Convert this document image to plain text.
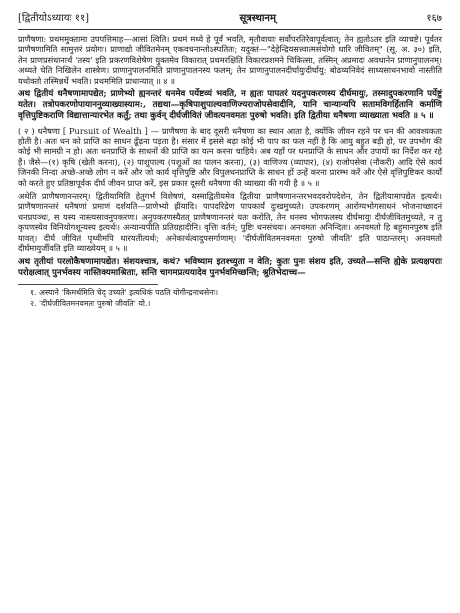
[द्वितीयोऽध्यायः ११]	सूत्रस्थानम्	१६७

प्राणैषणा: प्रथममुक्तामा उपपत्तिमाह—आसां त्विति। प्रथमं मध्ये हे पूर्वं भवति, मृतौवायाः सर्वोपरतिरेवापूर्वत्वात्; तेन ह्यतोऽतर इति व्याचष्टे। पूर्वतर प्राणैषणामिति सामुत्तरं प्रयोगः। प्राणाद्यो जीवितमेनम् एकवचनान्तोऽस्पतितः; यदुक्तं—"देहेन्द्रियसत्त्वात्मसंयोगो धारि जीवितम्" (सू. अ. ३०) इति, तेन प्राणप्रसंधानार्थं 'तस्य' इति प्रकरणविशेषेण युक्तमेव विकारात् प्रथमरक्षिति विकारप्रशमने चिकित्सा, तस्मिन् अप्रमादः अवधानेन प्राणानुपालनम्। अथ्यते चेति निखिलेन शास्त्रेण। प्राणानुपालनमिति प्राणानुपालनस्य फलम्; तेन प्राणानुपालनदीर्घायुःदीर्घायु: बोढव्यनिवेदं साध्यसाधनभावो नास्तीति यथोक्तो तस्मिन्नर्थे भवति। प्रथममिति प्राधान्यात् ॥ ४ ॥

अथ द्वितीयं धनैषणामापद्येत; प्राणेभ्यो ह्यनन्तरं धनमेव पर्येष्टव्यं भवति, न ह्यतः पापतरं यदनुपकरणस्य दीर्घमायुः, तस्मादुपकरणानि पर्येष्टुं यतेत। तत्रोपकरणोपायाननुव्याख्यास्याम:, तद्यथा—कृषिपाशुपाल्यवाणिज्यराजोपसेवादीनि, यानि चान्यान्यपि सतामविगर्हितानि कर्माणि वृत्तिपुष्टिकराणि विद्यात्तान्यारभेत कर्तुं; तथा कुर्वन् दीर्घजीवितं जीवत्यनवमतः पुरुषो भवति। इति द्वितीया धनैषणा व्याख्याता भवति ॥ ५ ॥

( २ ) धनैषणा [ Pursuit of Wealth ] — प्राणैषणा के बाद दूसरी धनैषणा का स्थान आता है, क्योंकि जीवन रहने पर धन की आवश्यकता होती है। अतः धन को प्राप्ति का साधन ढूँढ़ना पड़ता है। संसार में इससे बढ़ा कोई भी पाप का फल नहीं है कि आयु बहुत बड़ी हो, पर उपभोग की कोई भी सामग्री न हो। अतः धनप्राप्ति के साधनों की प्राप्ति का यत्न करना चाहिये। अब यहाँ पर धनप्राप्ति के साधन और उपायों का निर्देश कर रहे हैं। जैसे—(१) कृषि (खेती करना), (२) पाशुपाल्य (पशुओं का पालन करना), (३) वाणिज्य (व्यापार), (४) राजोपसेवा (नौकरी) आदि ऐसे कार्य जिनकी निन्दा अच्छे-अच्छे लोग न करें और जो कार्य वृत्तिपुष्टि और विपुलधनप्राप्ति के साधन हों उन्हें करना प्रारम्भ करें और ऐसे वृत्तिपुष्टिकर कार्यों को करते हुए प्रतिष्ठापूर्वक दीर्घ जीवन प्राप्त करें, इस प्रकार दूसरी धनैषणा की व्याख्या की गयी है ॥ ५ ॥

अथेति प्राणैषणानन्तरम्। द्वितीयामिति हेतुगर्भं विशेषणं, यस्माद्वितीयमेव द्वितीया प्राणैषणानन्तरभवदवरोपदेशेन, तेन द्वितीयामापद्येत इत्यर्थः। प्राणैषणानन्तरं धनैषणां प्रमाणं दर्शयति—प्राणेभ्यो ह्रीयादि। पापदरिद्रेण पापकार्यं दुःखमुच्यते। उपकरणम् आरोग्यभोगसाधनं भोजनाच्छादनं धनप्रपञ्चः, स यस्य नास्त्यसावनुपकरणः। अनुपकरणस्यैतत् प्राणैषणानन्तरं यतः करोति, तेन धनस्य भोगफलस्य दीर्घमायुः दीर्घजीवितमुच्यते, न तु कृपणस्येव विनियोगशून्यस्य इत्यर्थः। अन्यान्यपीति प्रतिग्रहादीनि। वृत्तिः वर्तनं; पुष्टिः धनसंचयः। अनवमतः अनिन्दितः। अनवमतो हि बहुमानपुरुष इति यावत्। दीर्घ जीवितं पृथ्वीमपि धारयतीत्यर्थः; अनेकार्थत्वादुपसर्गाणाम्। 'दीर्घजीवितमनवमतः पुरुषो जीवति' इति पाठान्तरम्। अनवमतो दीर्घमायुर्जीवति इति व्याख्येयम् ॥ ५ ॥

अथ तृतीयां परलोकैषणामापद्येत। संशयश्चात्र, कथं? भविष्याम इतश्च्युता न वेति; कुतः पुनः संशय इति, उच्यते—सन्ति ह्येके प्रत्यक्षपराः परोक्षत्वात् पुनर्भवस्य नास्तिक्यमाश्रिताः, सन्ति चागमप्रत्ययादेव पुनर्भवमिच्छन्ति; श्रुतिभेदाच्च—

१. अस्याने 'किमर्थमिति चेद् उच्यते' इत्यधिकं पठति योगीन्द्रनाथसेनः।
२. 'दीर्घजीवितमनवमतः पुरुषो जीवति' यो.।
